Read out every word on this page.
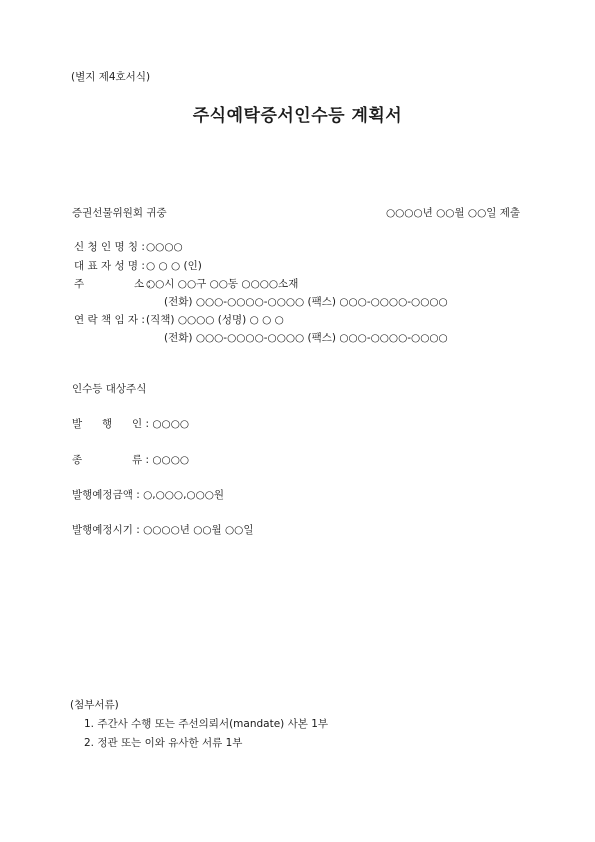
(별지 제4호서식)
주식예탁증서인수등 계획서
증권선물위원회 귀중	○○○○년 ○○월 ○○일 제출
신 청 인 명 칭 : ○○○○
대 표 자 성 명 : ○ ○ ○ (인)
주	소 :
○○시 ○○구 ○○동 ○○○○소재
(전화) ○○○-○○○○-○○○○ (팩스) ○○○-○○○○-○○○○
연 락 책 임 자 : (직책) ○○○○ (성명) ○ ○ ○
(전화) ○○○-○○○○-○○○○ (팩스) ○○○-○○○○-○○○○
인수등 대상주식
발 행 인 : ○○○○
종	류 : ○○○○
발행예정금액 : ○,○○○,○○○원
발행예정시기 : ○○○○년 ○○월 ○○일
(첨부서류)
1. 주간사 수행 또는 주선의뢰서(mandate) 사본 1부
2. 정관 또는 이와 유사한 서류 1부
